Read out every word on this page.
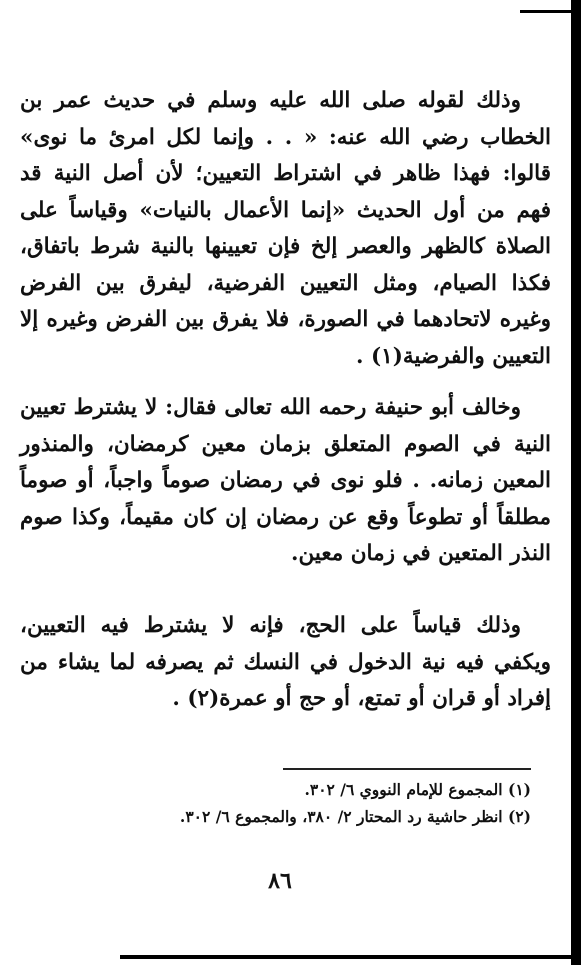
وذلك لقوله صلى الله عليه وسلم في حديث عمر بن الخطاب رضي الله عنه: « . . وإنما لكل امرئ ما نوى» قالوا: فهذا ظاهر في اشتراط التعيين؛ لأن أصل النية قد فهم من أول الحديث «إنما الأعمال بالنيات» وقياساً على الصلاة كالظهر والعصر إلخ فإن تعيينها بالنية شرط باتفاق، فكذا الصيام، ومثل التعيين الفرضية، ليفرق بين الفرض وغيره لاتحادهما في الصورة، فلا يفرق بين الفرض وغيره إلا التعيين والفرضية(١) .

وخالف أبو حنيفة رحمه الله تعالى فقال: لا يشترط تعيين النية في الصوم المتعلق بزمان معين كرمضان، والمنذور المعين زمانه. . فلو نوى في رمضان صوماً واجباً، أو صوماً مطلقاً أو تطوعاً وقع عن رمضان إن كان مقيماً، وكذا صوم النذر المتعين في زمان معين.

وذلك قياساً على الحج، فإنه لا يشترط فيه التعيين، ويكفي فيه نية الدخول في النسك ثم يصرفه لما يشاء من إفراد أو قران أو تمتع، أو حج أو عمرة(٢) .

(١) المجموع للإمام النووي ٦/ ٣٠٢.
(٢) انظر حاشية رد المحتار ٢/ ٣٨٠، والمجموع ٦/ ٣٠٢.
٨٦
